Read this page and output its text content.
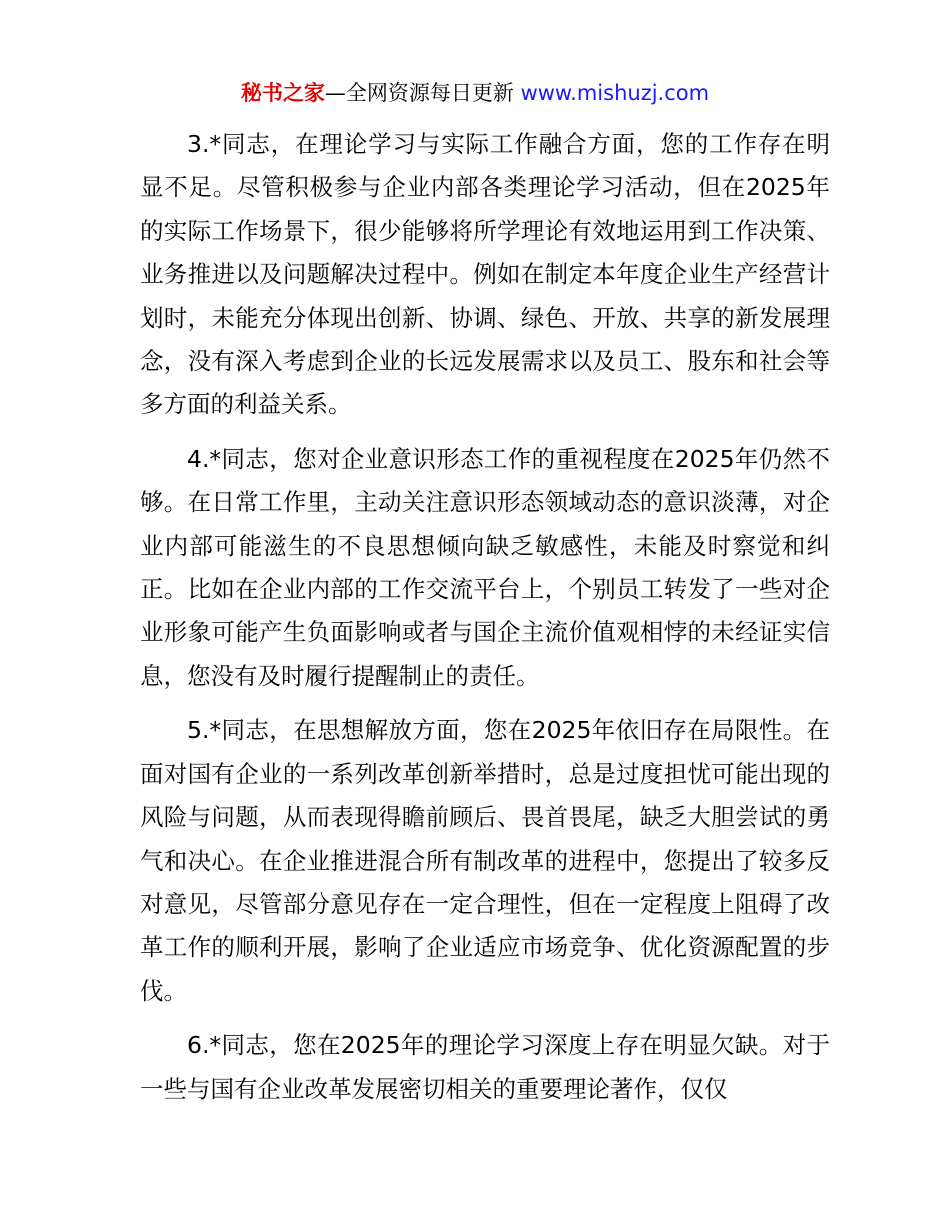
秘书之家—全网资源每日更新 www.mishuzj.com

3.*同志，在理论学习与实际工作融合方面，您的工作存在明显不足。尽管积极参与企业内部各类理论学习活动，但在2025年的实际工作场景下，很少能够将所学理论有效地运用到工作决策、业务推进以及问题解决过程中。例如在制定本年度企业生产经营计划时，未能充分体现出创新、协调、绿色、开放、共享的新发展理念，没有深入考虑到企业的长远发展需求以及员工、股东和社会等多方面的利益关系。

4.*同志，您对企业意识形态工作的重视程度在2025年仍然不够。在日常工作里，主动关注意识形态领域动态的意识淡薄，对企业内部可能滋生的不良思想倾向缺乏敏感性，未能及时察觉和纠正。比如在企业内部的工作交流平台上，个别员工转发了一些对企业形象可能产生负面影响或者与国企主流价值观相悖的未经证实信息，您没有及时履行提醒制止的责任。

5.*同志，在思想解放方面，您在2025年依旧存在局限性。在面对国有企业的一系列改革创新举措时，总是过度担忧可能出现的风险与问题，从而表现得瞻前顾后、畏首畏尾，缺乏大胆尝试的勇气和决心。在企业推进混合所有制改革的进程中，您提出了较多反对意见，尽管部分意见存在一定合理性，但在一定程度上阻碍了改革工作的顺利开展，影响了企业适应市场竞争、优化资源配置的步伐。

6.*同志，您在2025年的理论学习深度上存在明显欠缺。对于一些与国有企业改革发展密切相关的重要理论著作，仅仅
